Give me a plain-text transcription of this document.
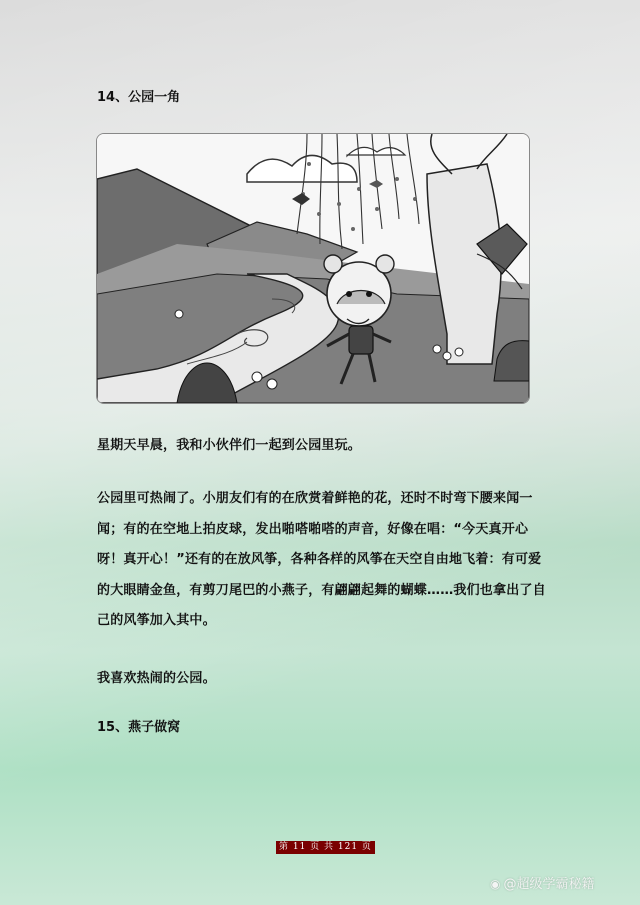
14、公园一角
星期天早晨，我和小伙伴们一起到公园里玩。
公园里可热闹了。小朋友们有的在欣赏着鲜艳的花，还时不时弯下腰来闻一闻；有的在空地上拍皮球，发出啪嗒啪嗒的声音，好像在唱：“今天真开心呀！真开心！”还有的在放风筝，各种各样的风筝在天空自由地飞着：有可爱的大眼睛金鱼，有剪刀尾巴的小燕子，有翩翩起舞的蝴蝶……我们也拿出了自己的风筝加入其中。
我喜欢热闹的公园。
15、燕子做窝
第 11 页 共 121 页
◉ @超级学霸秘籍
